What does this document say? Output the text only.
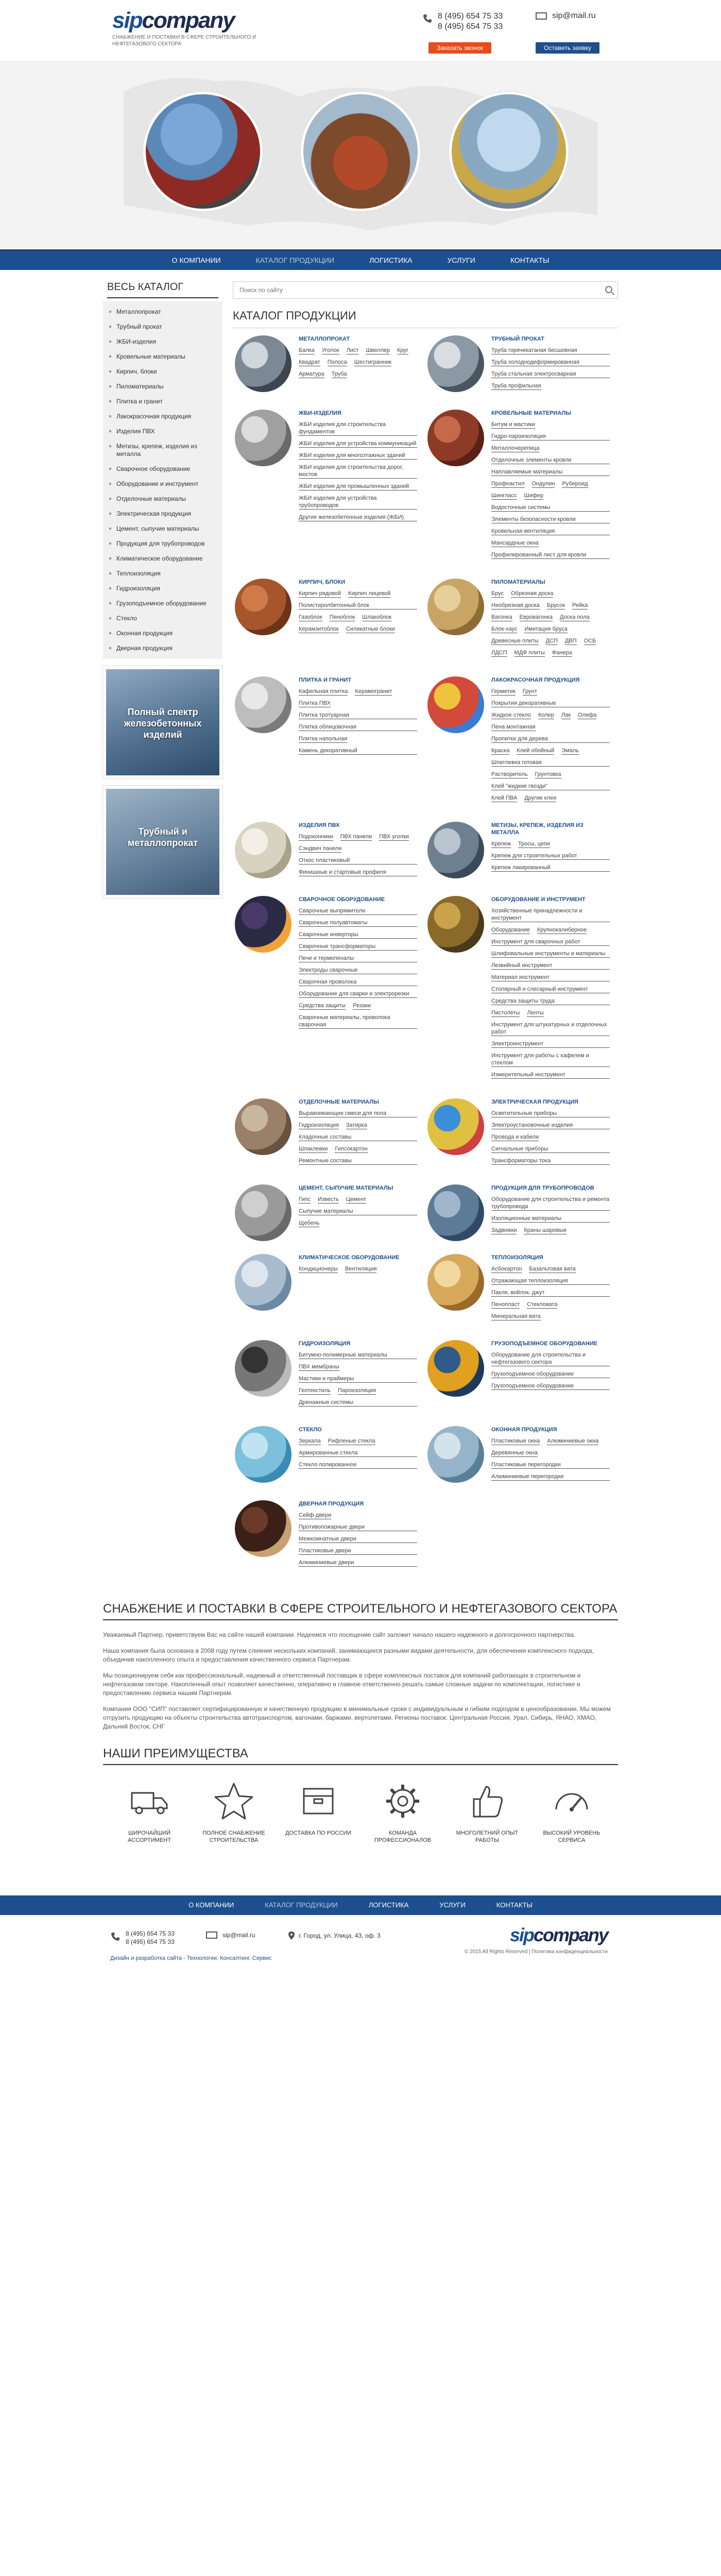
sipcompany
СНАБЖЕНИЕ И ПОСТАВКИ В СФЕРЕ СТРОИТЕЛЬНОГО И НЕФТЕГАЗОВОГО СЕКТОРА
8 (495) 654 75 33
8 (495) 654 75 33
sip@mail.ru
Заказать звонок	Оставить заявку
О КОМПАНИИ	КАТАЛОГ ПРОДУКЦИИ	ЛОГИСТИКА	УСЛУГИ	КОНТАКТЫ
ВЕСЬ КАТАЛОГ
Металлопрокат
Трубный прокат
ЖБИ-изделия
Кровельные материалы
Кирпич, блоки
Пиломатериалы
Плитка и гранит
Лакокрасочная продукция
Изделия ПВХ
Метизы, крепеж, изделия из металла
Сварочное оборудование
Оборудование и инструмент
Отделочные материалы
Электрическая продукция
Цемент, сыпучие материалы
Продукция для трубопроводов
Климатическое оборудование
Теплоизоляция
Гидроизоляция
Грузоподъемное оборудование
Стекло
Оконная продукция
Дверная продукция
Полный спектр железобетонных изделий
Трубный и металлопрокат
Поиск по сайту
КАТАЛОГ ПРОДУКЦИИ
МЕТАЛЛОПРОКАТ
Балка Уголок Лист Швеллер Круг
Квадрат Полоса Шестигранник
Арматура Труба
ТРУБНЫЙ ПРОКАТ
Труба горячекатаная бесшовная
Труба холоднодеформированная
Труба стальная электросварная
Труба профильная
ЖБИ-ИЗДЕЛИЯ
ЖБИ изделия для строительства фундаментов
ЖБИ изделия для устройства коммуникаций
ЖБИ изделия для многоэтажных зданий
ЖБИ изделия для строительства дорог, мостов
ЖБИ изделия для промышленных зданий
ЖБИ изделия для устройства трубопроводов
Другие железобетонные изделия (ЖБИ)
КРОВЕЛЬНЫЕ МАТЕРИАЛЫ
Битум и мастики
Гидро-пароизоляция
Металлочерепица
Отделочные элементы кровли
Наплавляемые материалы
Профнастил Ондулин Рубероид
Шингласс Шифер
Водосточные системы
Элементы безопасности кровли
Кровельная вентиляция
Мансардные окна
Профилированный лист для кровли
КИРПИЧ, БЛОКИ
Кирпич рядовой Кирпич лицевой
Полистиролбетонный блок
Газоблок Пеноблок Шлакоблок
Керамзитоблок Силикатные блоки
ПИЛОМАТЕРИАЛЫ
Брус Обрезная доска
Необрезная доска Брусок Рейка
Вагонка Евровагонка Доска пола
Блок-хаус Имитация бруса
Древесные плиты ДСП ДВП ОСБ
ЛДСП МДФ плиты Фанера
ПЛИТКА И ГРАНИТ
Кафельная плитка Керамогранит
Плитка ПВХ
Плитка тротуарная
Плитка облицовочная
Плитка напольная
Камень декоративный
ЛАКОКРАСОЧНАЯ ПРОДУКЦИЯ
Герметик Грунт
Покрытия декоративные
Жидкое стекло Колер Лак Олифа
Пена монтажная
Пропитки для дерева
Краска Клей обойный Эмаль
Шпатлевка готовая
Растворитель Грунтовка
Клей "жидкие гвозди"
Клей ПВА Другие клеи
ИЗДЕЛИЯ ПВХ
Подоконники ПВХ панели ПВХ уголки
Сэндвич панели
Откос пластиковый
Финишные и стартовые профиля
МЕТИЗЫ, КРЕПЕЖ, ИЗДЕЛИЯ ИЗ МЕТАЛЛА
Крепеж Тросы, цепи
Крепеж для строительных работ
Крепеж лакированный
СВАРОЧНОЕ ОБОРУДОВАНИЕ
Сварочные выпрямители
Сварочные полуавтоматы
Сварочные инверторы
Сварочные трансформаторы
Печи и термопеналы
Электроды сварочные
Сварочная проволока
Оборудование для сварки и электрорезки
Средства защиты Резаки
Сварочные материалы, проволока сварочная
ОБОРУДОВАНИЕ И ИНСТРУМЕНТ
Хозяйственные принадлежности и инструмент
Оборудование Крупнокалиберное
Инструмент для сварочных работ
Шлифовальные инструменты и материалы
Лезвийный инструмент
Материал инструмент
Столярный и слесарный инструмент
Средства защиты труда
Пистолеты Ленты
Инструмент для штукатурных и отделочных работ
Электроинструмент
Инструмент для работы с кафелем и стеклом
Измерительный инструмент
ОТДЕЛОЧНЫЕ МАТЕРИАЛЫ
Выравнивающие смеси для пола
Гидроизоляция Затирка
Кладочные составы
Шпаклевки Гипсокартон
Ремонтные составы
ЭЛЕКТРИЧЕСКАЯ ПРОДУКЦИЯ
Осветительные приборы
Электроустановочные изделия
Провода и кабели
Сигнальные приборы
Трансформаторы тока
ЦЕМЕНТ, СЫПУЧИЕ МАТЕРИАЛЫ
Гипс Известь Цемент
Сыпучие материалы
Щебень
ПРОДУКЦИЯ ДЛЯ ТРУБОПРОВОДОВ
Оборудование для строительства и ремонта трубопровода
Изоляционные материалы
Задвижки Краны шаровые
КЛИМАТИЧЕСКОЕ ОБОРУДОВАНИЕ
Кондиционеры Вентиляция
ТЕПЛОИЗОЛЯЦИЯ
Асбокартон Базальтовая вата
Отражающая теплоизоляция
Пакля, войлок, джут
Пенопласт Стекловата
Минеральная вата
ГИДРОИЗОЛЯЦИЯ
Битумно-полимерные материалы
ПВХ мембраны
Мастики и праймеры
Геотекстиль Пароизоляция
Дренажные системы
ГРУЗОПОДЪЕМНОЕ ОБОРУДОВАНИЕ
Оборудование для строительства и нефтегазового сектора
Грузоподъемное оборудование
Грузоподъемное оборудование
СТЕКЛО
Зеркала Рифленые стекла
Армированные стекла
Стекло полированное
ОКОННАЯ ПРОДУКЦИЯ
Пластиковые окна Алюминиевые окна
Деревянные окна
Пластиковые перегородки
Алюминиевые перегородки
ДВЕРНАЯ ПРОДУКЦИЯ
Сейф-двери
Противопожарные двери
Межкомнатные двери
Пластиковые двери
Алюминиевые двери
СНАБЖЕНИЕ И ПОСТАВКИ В СФЕРЕ СТРОИТЕЛЬНОГО И НЕФТЕГАЗОВОГО СЕКТОРА

Уважаемый Партнер, приветствуем Вас на сайте нашей компании. Надеемся что посещение сайт заложит начало нашего надежного и долгосрочного партнерства.

Наша компания была основана в 2008 году путем слияния нескольких компаний, занимающихся разными видами деятельности, для обеспечения комплексного подхода, объединив накопленного опыта и предоставления качественного сервиса Партнерам.

Мы позиционируем себя как профессиональный, надежный и ответственный поставщик в сфере комплексных поставок для компаний работающих в строительном и нефтегазовом секторе. Накопленный опыт позволяет качественно, оперативно и главное ответственно решать самые сложные задачи по комплектации, логистике и предоставлению сервиса нашим Партнерам.

Компания ООО "СИП" поставляет сертифицированную и качественную продукцию в минимальные сроки с индивидуальным и гибким подходом в ценообразовании. Мы можем отгрузить продукцию на объекты строительства автотранспортом, вагонами, баржами, вертолетами. Регионы поставок: Центральная Россия, Урал, Сибирь, ЯНАО, ХМАО, Дальний Восток, СНГ

НАШИ ПРЕИМУЩЕСТВА
ШИРОЧАЙШИЙ АССОРТИМЕНТ
ПОЛНОЕ СНАБЖЕНИЕ СТРОИТЕЛЬСТВА
ДОСТАВКА ПО РОССИИ	КОМАНДА ПРОФЕССИОНАЛОВ
МНОГОЛЕТНИЙ ОПЫТ РАБОТЫ
ВЫСОКИЙ УРОВЕНЬ СЕРВИСА
О КОМПАНИИ	КАТАЛОГ ПРОДУКЦИИ	ЛОГИСТИКА	УСЛУГИ	КОНТАКТЫ
8 (495) 654 75 33
8 (495) 654 75 33
sip@mail.ru	г. Город, ул. Улица, 43, оф. 3
Дизайн и разработка сайта - Технологии. Консалтинг. Сервис
sipcompany
© 2015 All Rights Reserved | Политика конфиденциальности
